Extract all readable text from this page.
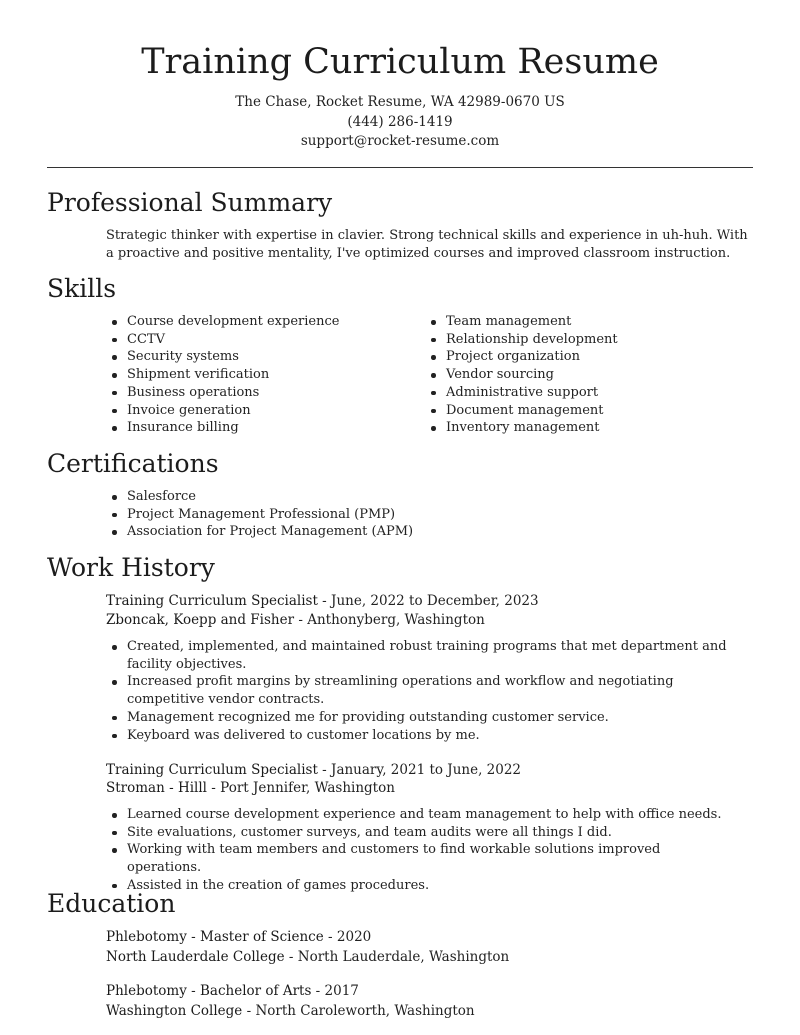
Training Curriculum Resume
The Chase, Rocket Resume, WA 42989-0670 US
(444) 286-1419
support@rocket-resume.com
Professional Summary
Strategic thinker with expertise in clavier. Strong technical skills and experience in uh-huh. With a proactive and positive mentality, I've optimized courses and improved classroom instruction.
Skills
Course development experience
CCTV
Security systems
Shipment verification
Business operations
Invoice generation
Insurance billing
Team management
Relationship development
Project organization
Vendor sourcing
Administrative support
Document management
Inventory management
Certifications
Salesforce
Project Management Professional (PMP)
Association for Project Management (APM)
Work History
Training Curriculum Specialist - June, 2022 to December, 2023
Zboncak, Koepp and Fisher - Anthonyberg, Washington
Created, implemented, and maintained robust training programs that met department and facility objectives.
Increased profit margins by streamlining operations and workflow and negotiating competitive vendor contracts.
Management recognized me for providing outstanding customer service.
Keyboard was delivered to customer locations by me.
Training Curriculum Specialist - January, 2021 to June, 2022
Stroman - Hilll - Port Jennifer, Washington
Learned course development experience and team management to help with office needs.
Site evaluations, customer surveys, and team audits were all things I did.
Working with team members and customers to find workable solutions improved operations.
Assisted in the creation of games procedures.
Education
Phlebotomy - Master of Science - 2020
North Lauderdale College - North Lauderdale, Washington
Phlebotomy - Bachelor of Arts - 2017
Washington College - North Caroleworth, Washington
